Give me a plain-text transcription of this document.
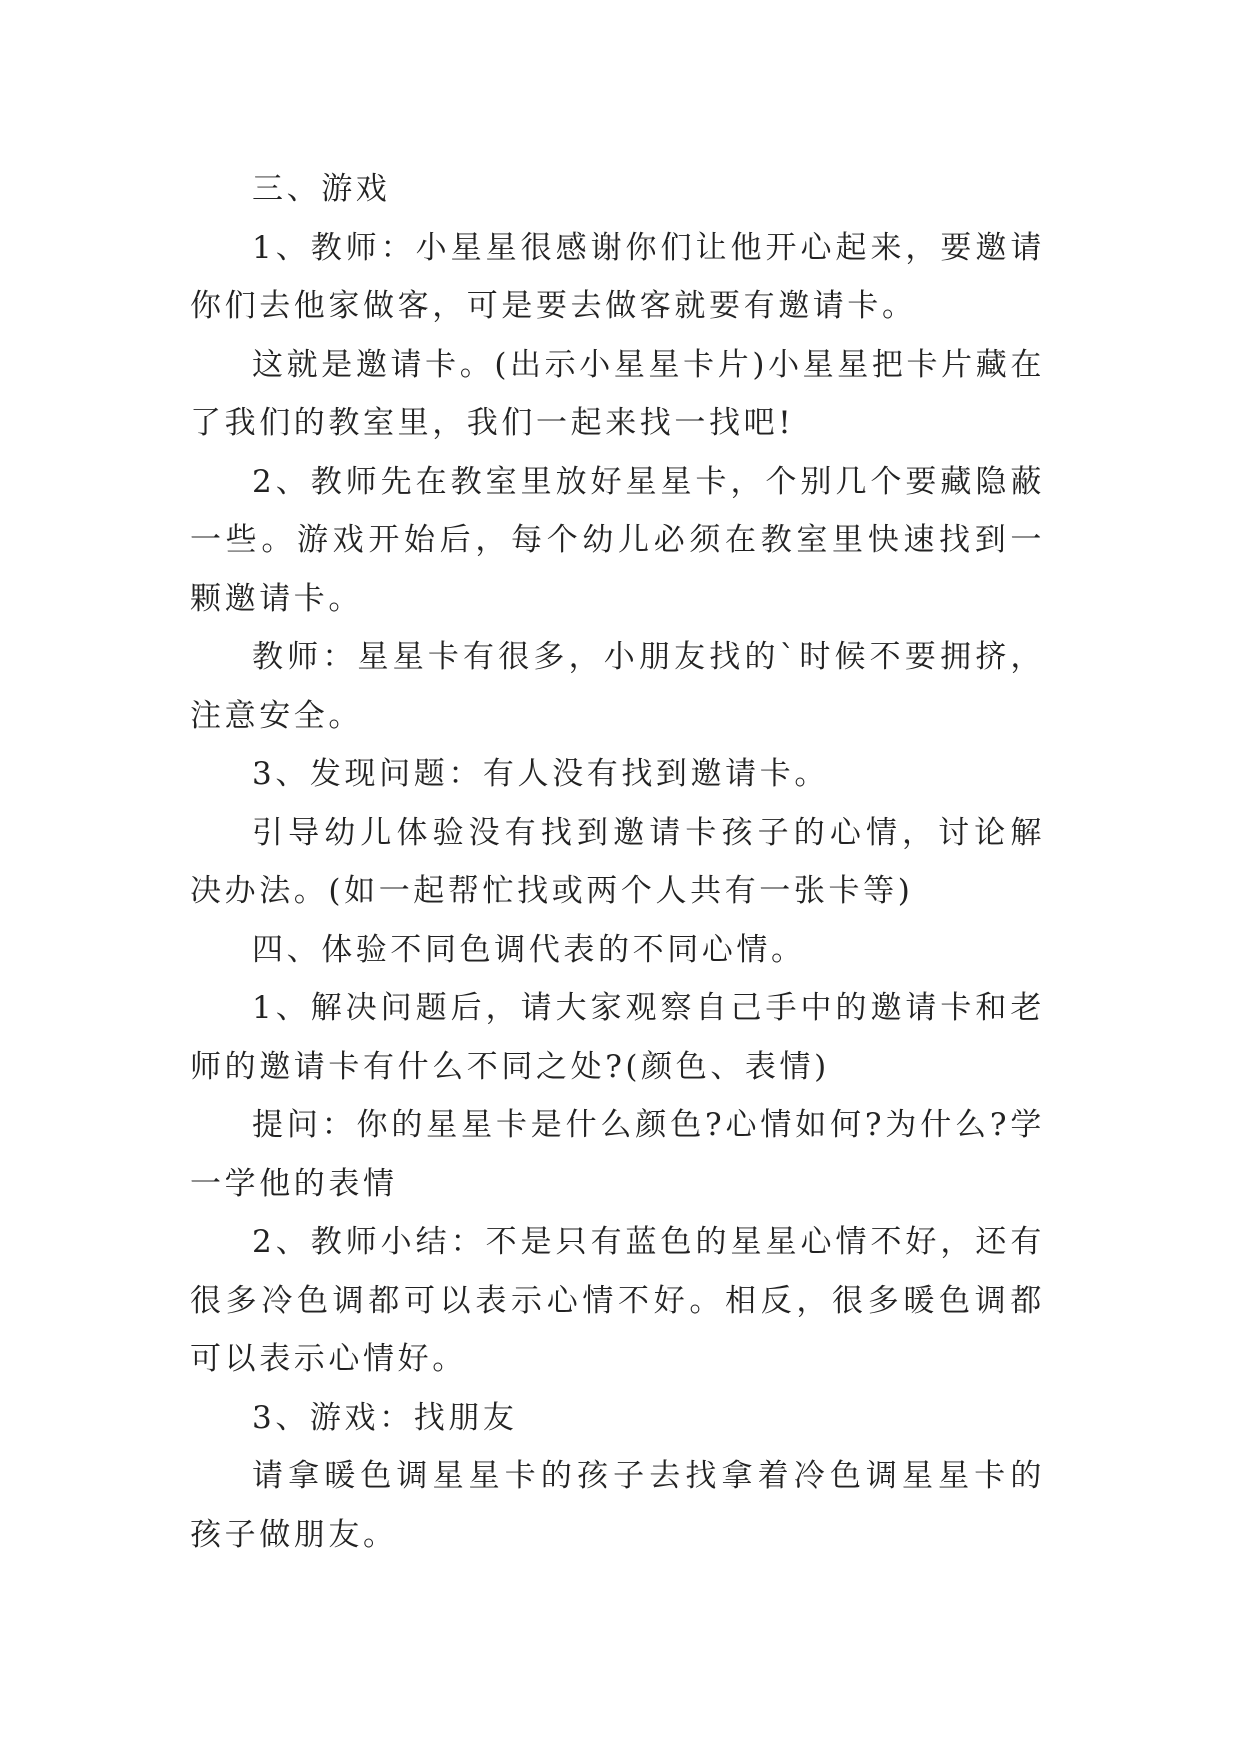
三、游戏

1、教师：小星星很感谢你们让他开心起来，要邀请你们去他家做客，可是要去做客就要有邀请卡。

这就是邀请卡。(出示小星星卡片)小星星把卡片藏在了我们的教室里，我们一起来找一找吧!

2、教师先在教室里放好星星卡，个别几个要藏隐蔽一些。游戏开始后，每个幼儿必须在教室里快速找到一颗邀请卡。

教师：星星卡有很多，小朋友找的`时候不要拥挤，注意安全。

3、发现问题：有人没有找到邀请卡。

引导幼儿体验没有找到邀请卡孩子的心情，讨论解决办法。(如一起帮忙找或两个人共有一张卡等)

四、体验不同色调代表的不同心情。

1、解决问题后，请大家观察自己手中的邀请卡和老师的邀请卡有什么不同之处?(颜色、表情)

提问：你的星星卡是什么颜色?心情如何?为什么?学一学他的表情

2、教师小结：不是只有蓝色的星星心情不好，还有很多冷色调都可以表示心情不好。相反，很多暖色调都可以表示心情好。

3、游戏：找朋友

请拿暖色调星星卡的孩子去找拿着冷色调星星卡的孩子做朋友。
